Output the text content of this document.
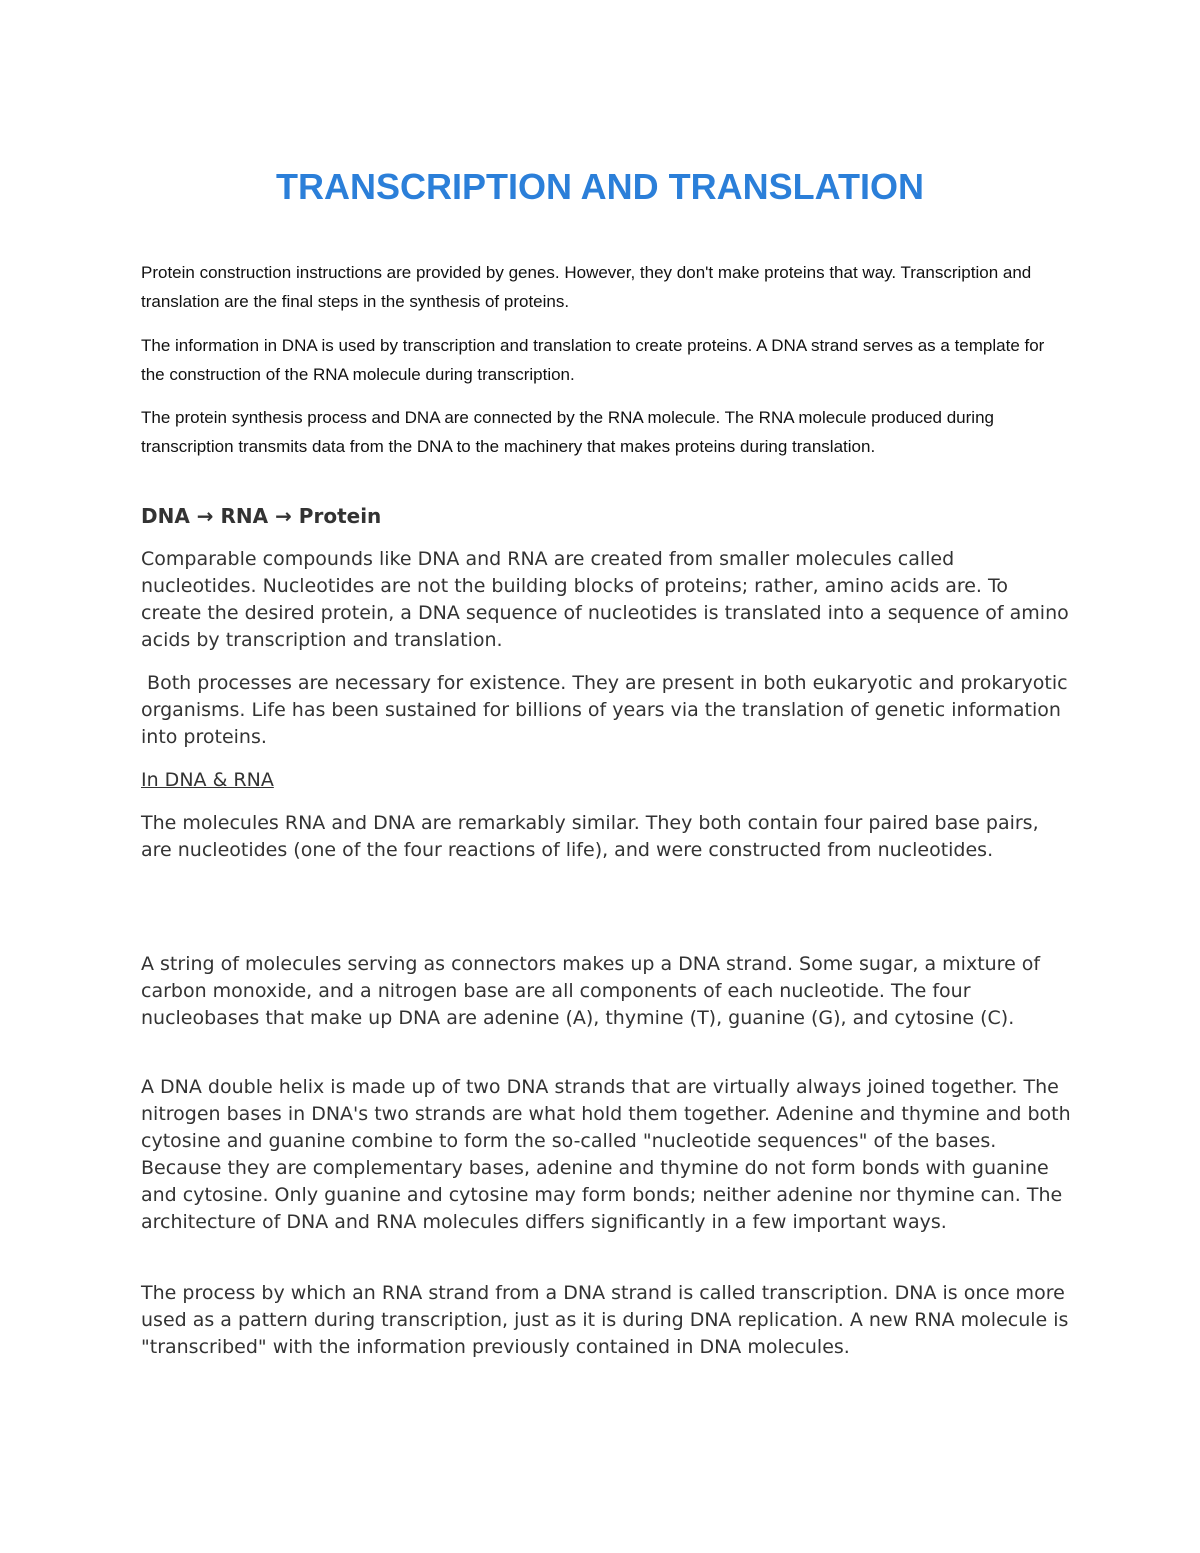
TRANSCRIPTION AND TRANSLATION

Protein construction instructions are provided by genes. However, they don't make proteins that way. Transcription and translation are the final steps in the synthesis of proteins.

The information in DNA is used by transcription and translation to create proteins. A DNA strand serves as a template for the construction of the RNA molecule during transcription.

The protein synthesis process and DNA are connected by the RNA molecule. The RNA molecule produced during transcription transmits data from the DNA to the machinery that makes proteins during translation.

DNA → RNA → Protein

Comparable compounds like DNA and RNA are created from smaller molecules called nucleotides. Nucleotides are not the building blocks of proteins; rather, amino acids are. To create the desired protein, a DNA sequence of nucleotides is translated into a sequence of amino acids by transcription and translation.

Both processes are necessary for existence. They are present in both eukaryotic and prokaryotic organisms. Life has been sustained for billions of years via the translation of genetic information into proteins.

In DNA & RNA

The molecules RNA and DNA are remarkably similar. They both contain four paired base pairs, are nucleotides (one of the four reactions of life), and were constructed from nucleotides.

A string of molecules serving as connectors makes up a DNA strand. Some sugar, a mixture of carbon monoxide, and a nitrogen base are all components of each nucleotide. The four nucleobases that make up DNA are adenine (A), thymine (T), guanine (G), and cytosine (C).

A DNA double helix is made up of two DNA strands that are virtually always joined together. The nitrogen bases in DNA's two strands are what hold them together. Adenine and thymine and both cytosine and guanine combine to form the so-called "nucleotide sequences" of the bases. Because they are complementary bases, adenine and thymine do not form bonds with guanine and cytosine. Only guanine and cytosine may form bonds; neither adenine nor thymine can. The architecture of DNA and RNA molecules differs significantly in a few important ways.

The process by which an RNA strand from a DNA strand is called transcription. DNA is once more used as a pattern during transcription, just as it is during DNA replication. A new RNA molecule is "transcribed" with the information previously contained in DNA molecules.
